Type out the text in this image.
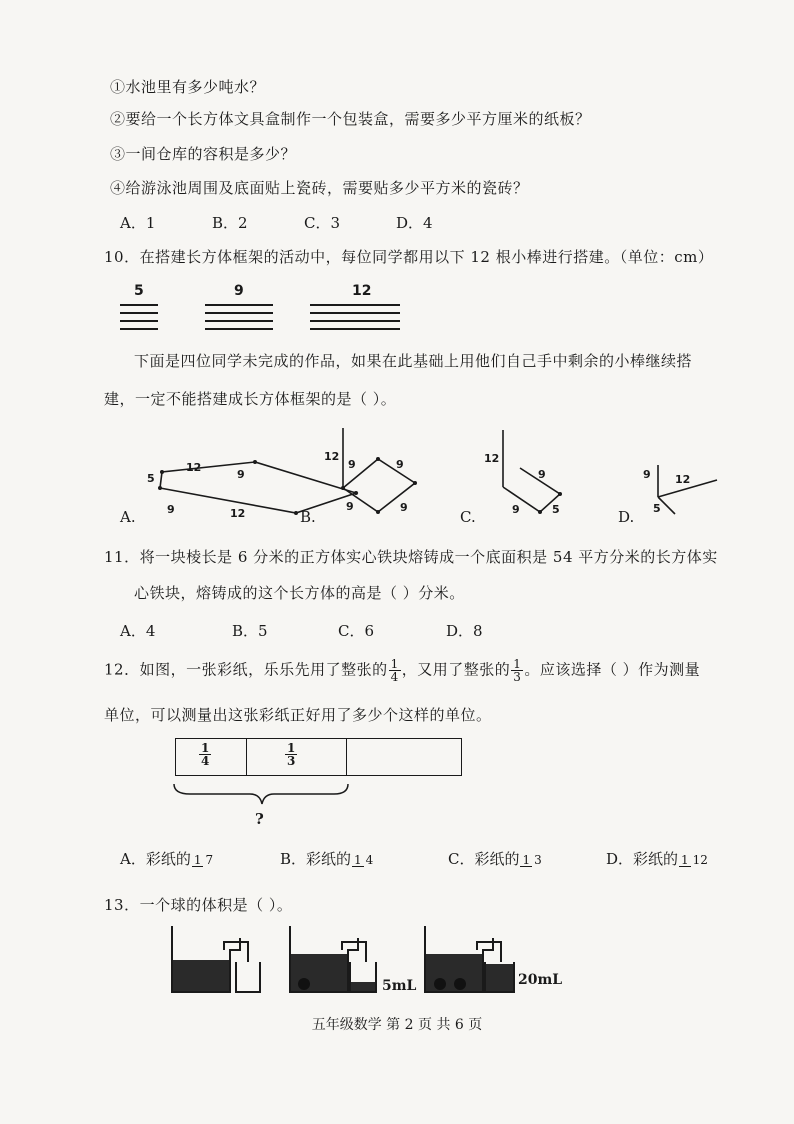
①水池里有多少吨水？
②要给一个长方体文具盒制作一个包装盒，需要多少平方厘米的纸板？
③一间仓库的容积是多少？
④给游泳池周围及底面贴上瓷砖，需要贴多少平方米的瓷砖？
A．1	B．2	C．3	D．4
10．在搭建长方体框架的活动中，每位同学都用以下 12 根小棒进行搭建。（单位：cm）
5	9	12
下面是四位同学未完成的作品，如果在此基础上用他们自己手中剩余的小棒继续搭
建，一定不能搭建成长方体框架的是（ ）。
5
12
9
9	12
12
9	9
9	9
12
9
9	5
9 12
5
A.	B.	C.	D.
11．将一块棱长是 6 分米的正方体实心铁块熔铸成一个底面积是 54 平方分米的长方体实
心铁块，熔铸成的这个长方体的高是（ ）分米。
A．4	B．5	C．6	D．8
12．如图，一张彩纸，乐乐先用了整张的 $\frac{1}{4}$ ，又用了整张的 $\frac{1}{3}$ 。应该选择（ ）作为测量
单位，可以测量出这张彩纸正好用了多少个这样的单位。
$\frac{1}{4}$	$\frac{1}{3}$
?
A．彩纸的 1 7	B．彩纸的 1 4	C．彩纸的 1 3	D．彩纸的 1 12
13．一个球的体积是（ ）。
5mL	20mL
五年级数学 第 2 页 共 6 页
